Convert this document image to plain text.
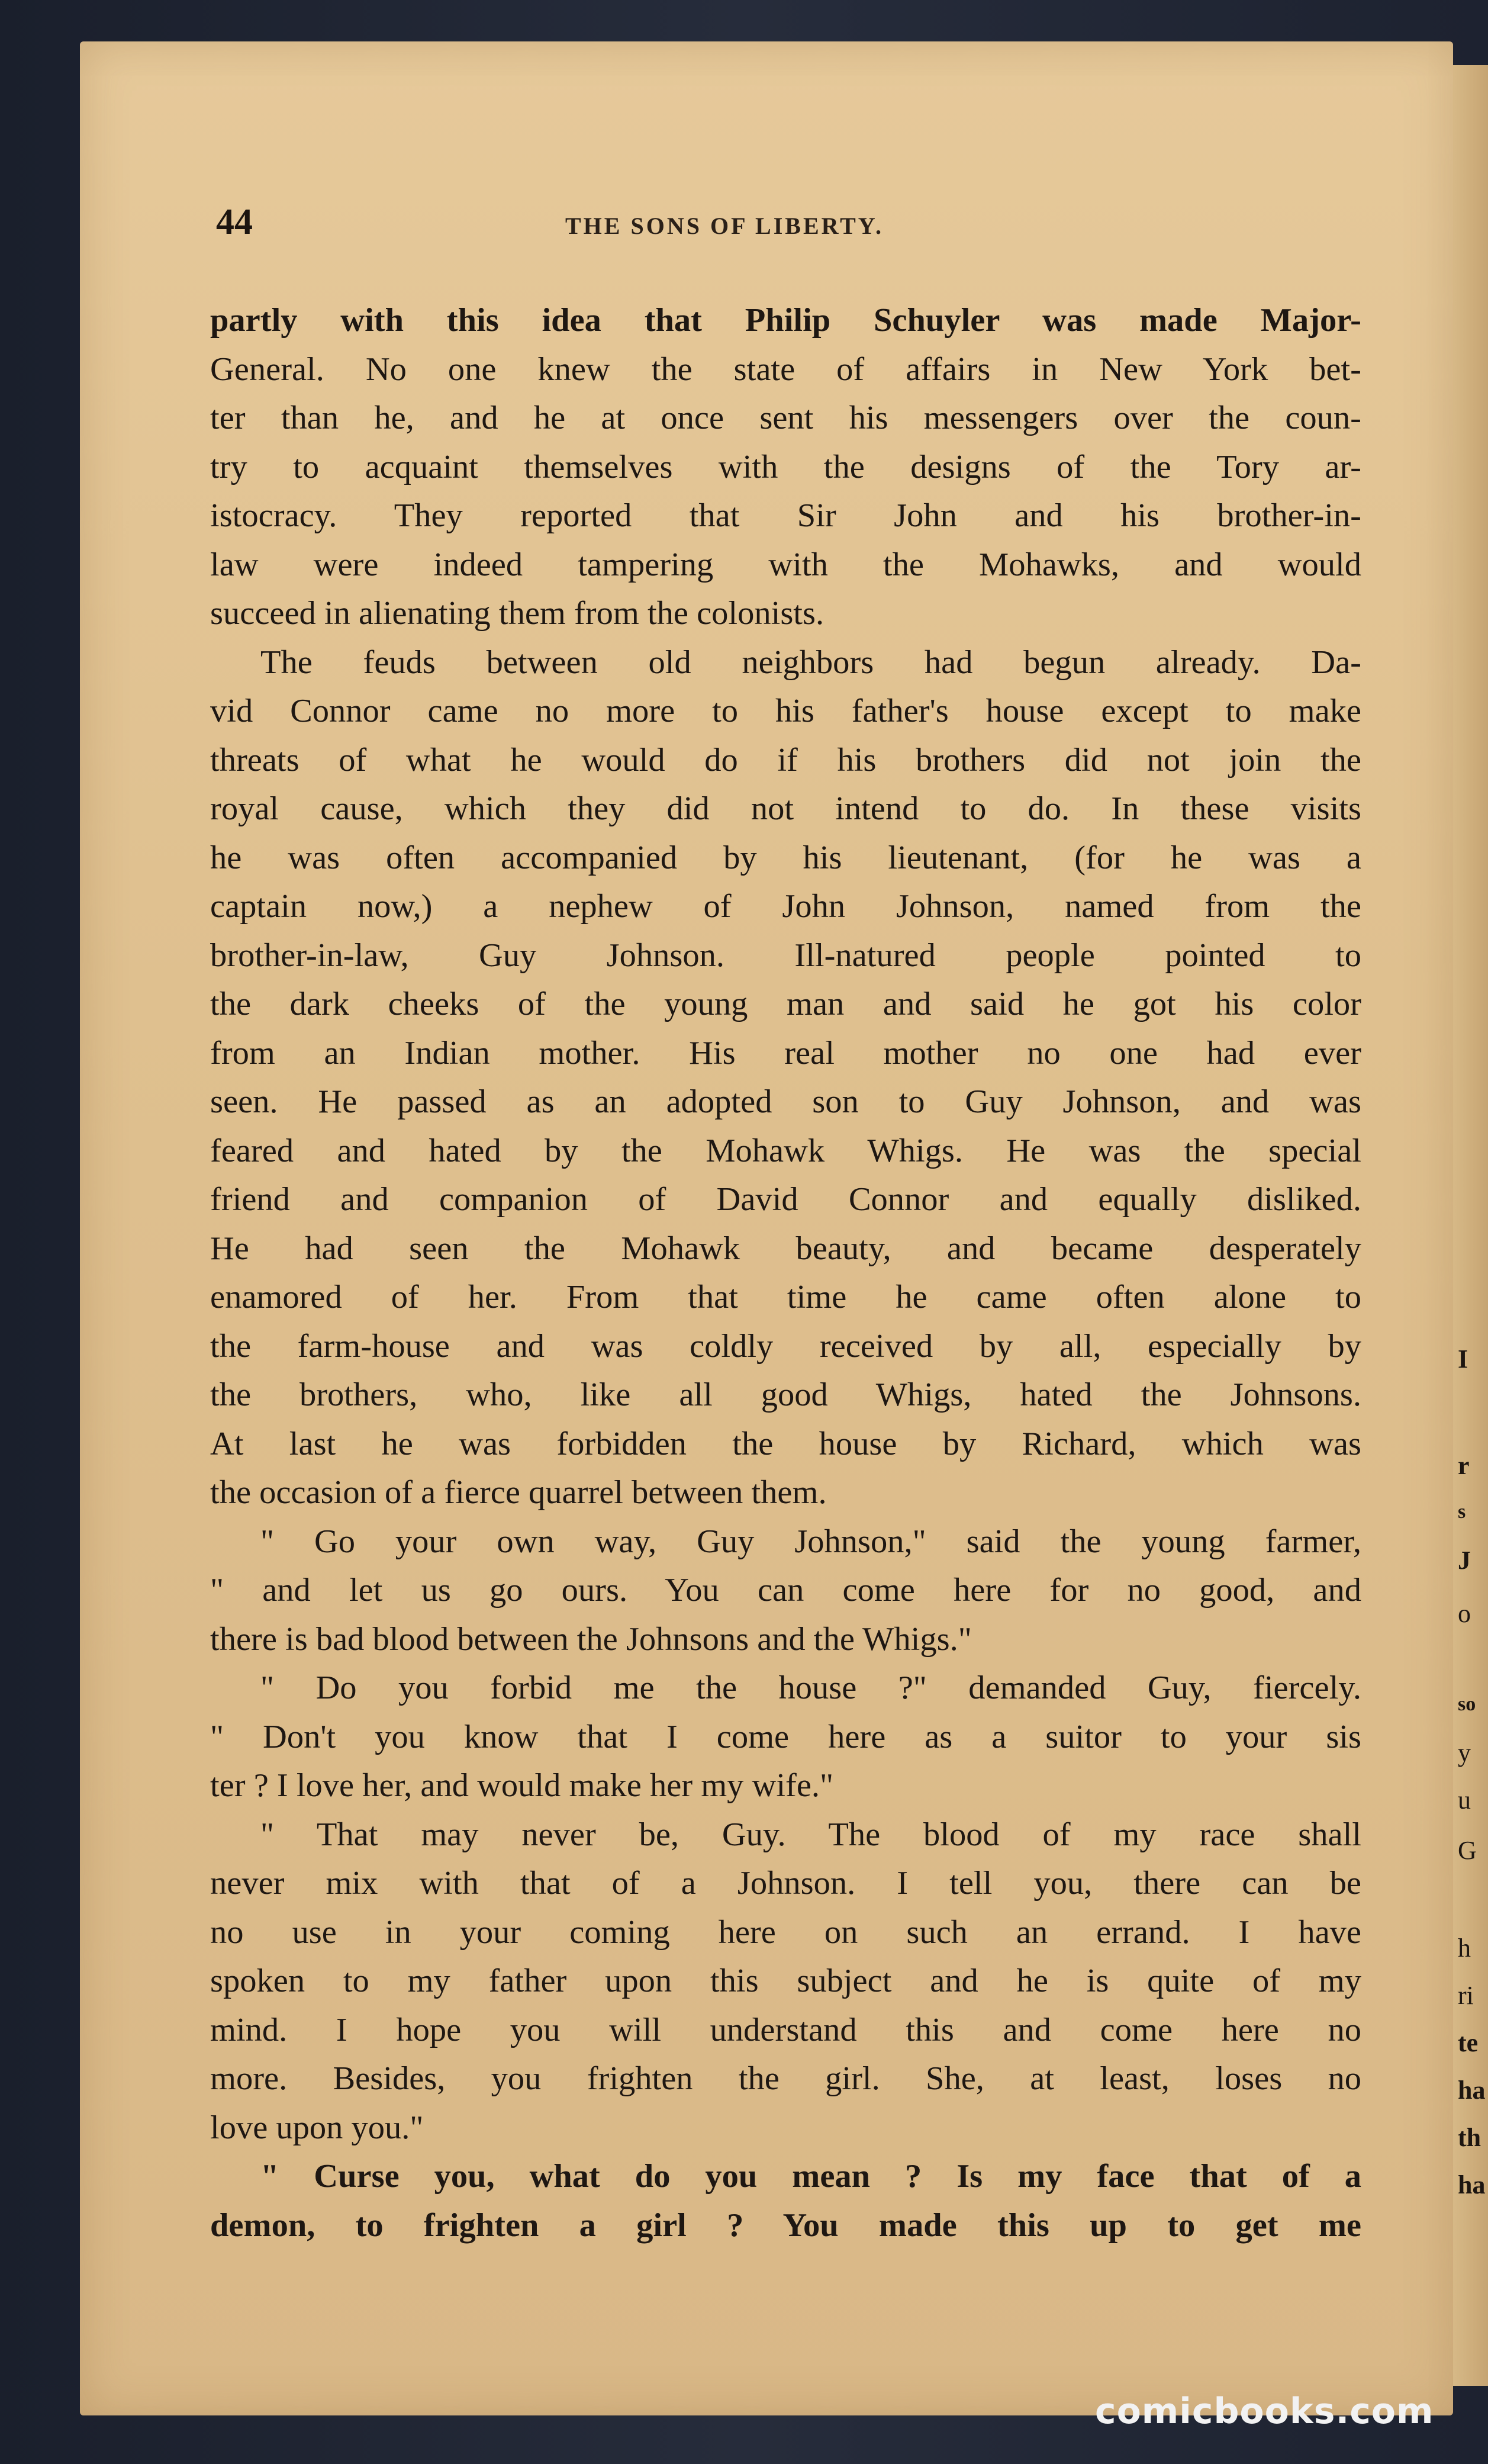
I
r
s
J
o
so
y
u
G
h
ri
te
ha
th
ha
44	THE SONS OF LIBERTY.
partly with this idea that Philip Schuyler was made Major-
General. No one knew the state of affairs in New York bet-
ter than he, and he at once sent his messengers over the coun-
try to acquaint themselves with the designs of the Tory ar-
istocracy. They reported that Sir John and his brother-in-
law were indeed tampering with the Mohawks, and would
succeed in alienating them from the colonists.
The feuds between old neighbors had begun already. Da-
vid Connor came no more to his father's house except to make
threats of what he would do if his brothers did not join the
royal cause, which they did not intend to do. In these visits
he was often accompanied by his lieutenant, (for he was a
captain now,) a nephew of John Johnson, named from the
brother-in-law, Guy Johnson. Ill-natured people pointed to
the dark cheeks of the young man and said he got his color
from an Indian mother. His real mother no one had ever
seen. He passed as an adopted son to Guy Johnson, and was
feared and hated by the Mohawk Whigs. He was the special
friend and companion of David Connor and equally disliked.
He had seen the Mohawk beauty, and became desperately
enamored of her. From that time he came often alone to
the farm-house and was coldly received by all, especially by
the brothers, who, like all good Whigs, hated the Johnsons.
At last he was forbidden the house by Richard, which was
the occasion of a fierce quarrel between them.
" Go your own way, Guy Johnson," said the young farmer,
" and let us go ours. You can come here for no good, and
there is bad blood between the Johnsons and the Whigs."
" Do you forbid me the house ?" demanded Guy, fiercely.
" Don't you know that I come here as a suitor to your sis
ter ? I love her, and would make her my wife."
" That may never be, Guy. The blood of my race shall
never mix with that of a Johnson. I tell you, there can be
no use in your coming here on such an errand. I have
spoken to my father upon this subject and he is quite of my
mind. I hope you will understand this and come here no
more. Besides, you frighten the girl. She, at least, loses no
love upon you."
" Curse you, what do you mean ? Is my face that of a
demon, to frighten a girl ? You made this up to get me
comicbooks.com
